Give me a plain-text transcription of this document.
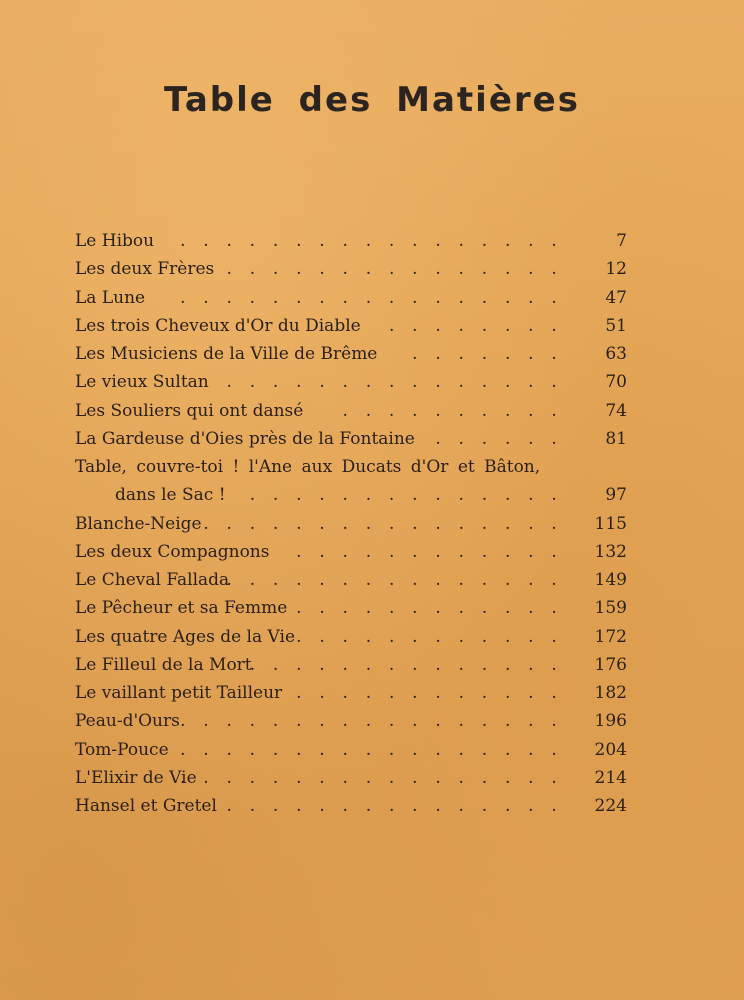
Table des Matières
Le Hibou . . . . . . . . . . . . . . . . .	7
Les deux Frères . . . . . . . . . . . . . . . 12
La Lune . . . . . . . . . . . . . . . . . 47
Les trois Cheveux d'Or du Diable . . . . . . . . 51
Les Musiciens de la Ville de Brême . . . . . . . 63
Le vieux Sultan . . . . . . . . . . . . . . . 70
Les Souliers qui ont dansé . . . . . . . . . . 74
La Gardeuse d'Oies près de la Fontaine . . . . . . 81
Table, couvre-toi ! l'Ane aux Ducats d'Or et Bâton,
dans le Sac ! . . . . . . . . . . . . . . 97
Blanche-Neige . . . . . . . . . . . . . . . . 115
Les deux Compagnons . . . . . . . . . . . . 132
Le Cheval Fallada
. . . . . . . . . . . . . . . 149
Le Pêcheur et sa Femme . . . . . . . . . . . . 159
Les quatre Ages de la Vie . . . . . . . . . . . . 172
Le Filleul de la Mort
. . . . . . . . . . . . . . 176
Le vaillant petit Tailleur . . . . . . . . . . . . 182
Peau-d'Ours . . . . . . . . . . . . . . . . . 196
Tom-Pouce . . . . . . . . . . . . . . . . . 204
L'Elixir de Vie
. . . . . . . . . . . . . . . . . 214
Hansel et Gretel . . . . . . . . . . . . . . . 224
